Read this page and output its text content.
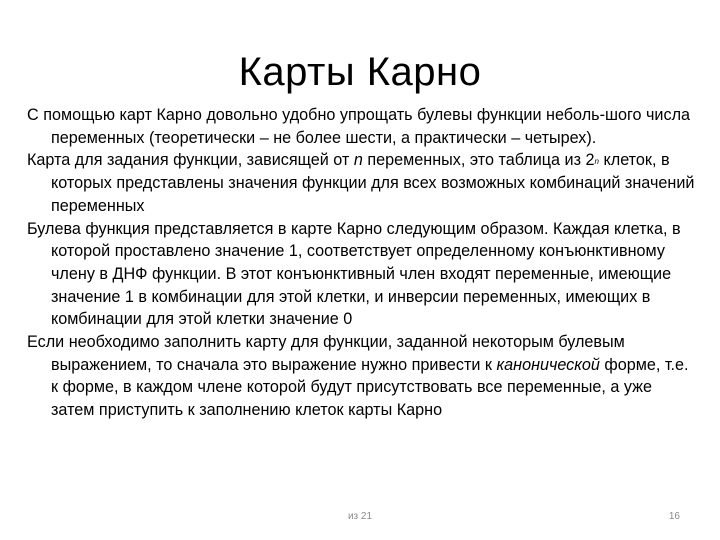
Карты Карно

С помощью карт Карно довольно удобно упрощать булевы функции неболь-шого числа переменных (теоретически – не более шести, а практически – четырех).

Карта для задания функции, зависящей от n переменных, это таблица из 2$^n$ клеток, в которых представлены значения функции для всех возможных комбинаций значений переменных

Булева функция представляется в карте Карно следующим образом. Каждая клетка, в которой проставлено значение 1, соответствует определенному конъюнктивному члену в ДНФ функции. В этот конъюнктивный член входят переменные, имеющие значение 1 в комбинации для этой клетки, и инверсии переменных, имеющих в комбинации для этой клетки значение 0

Если необходимо заполнить карту для функции, заданной некоторым булевым выражением, то сначала это выражение нужно привести к канонической форме, т.е. к форме, в каждом члене которой будут присутствовать все переменные, а уже затем приступить к заполнению клеток карты Карно

из 21	16
